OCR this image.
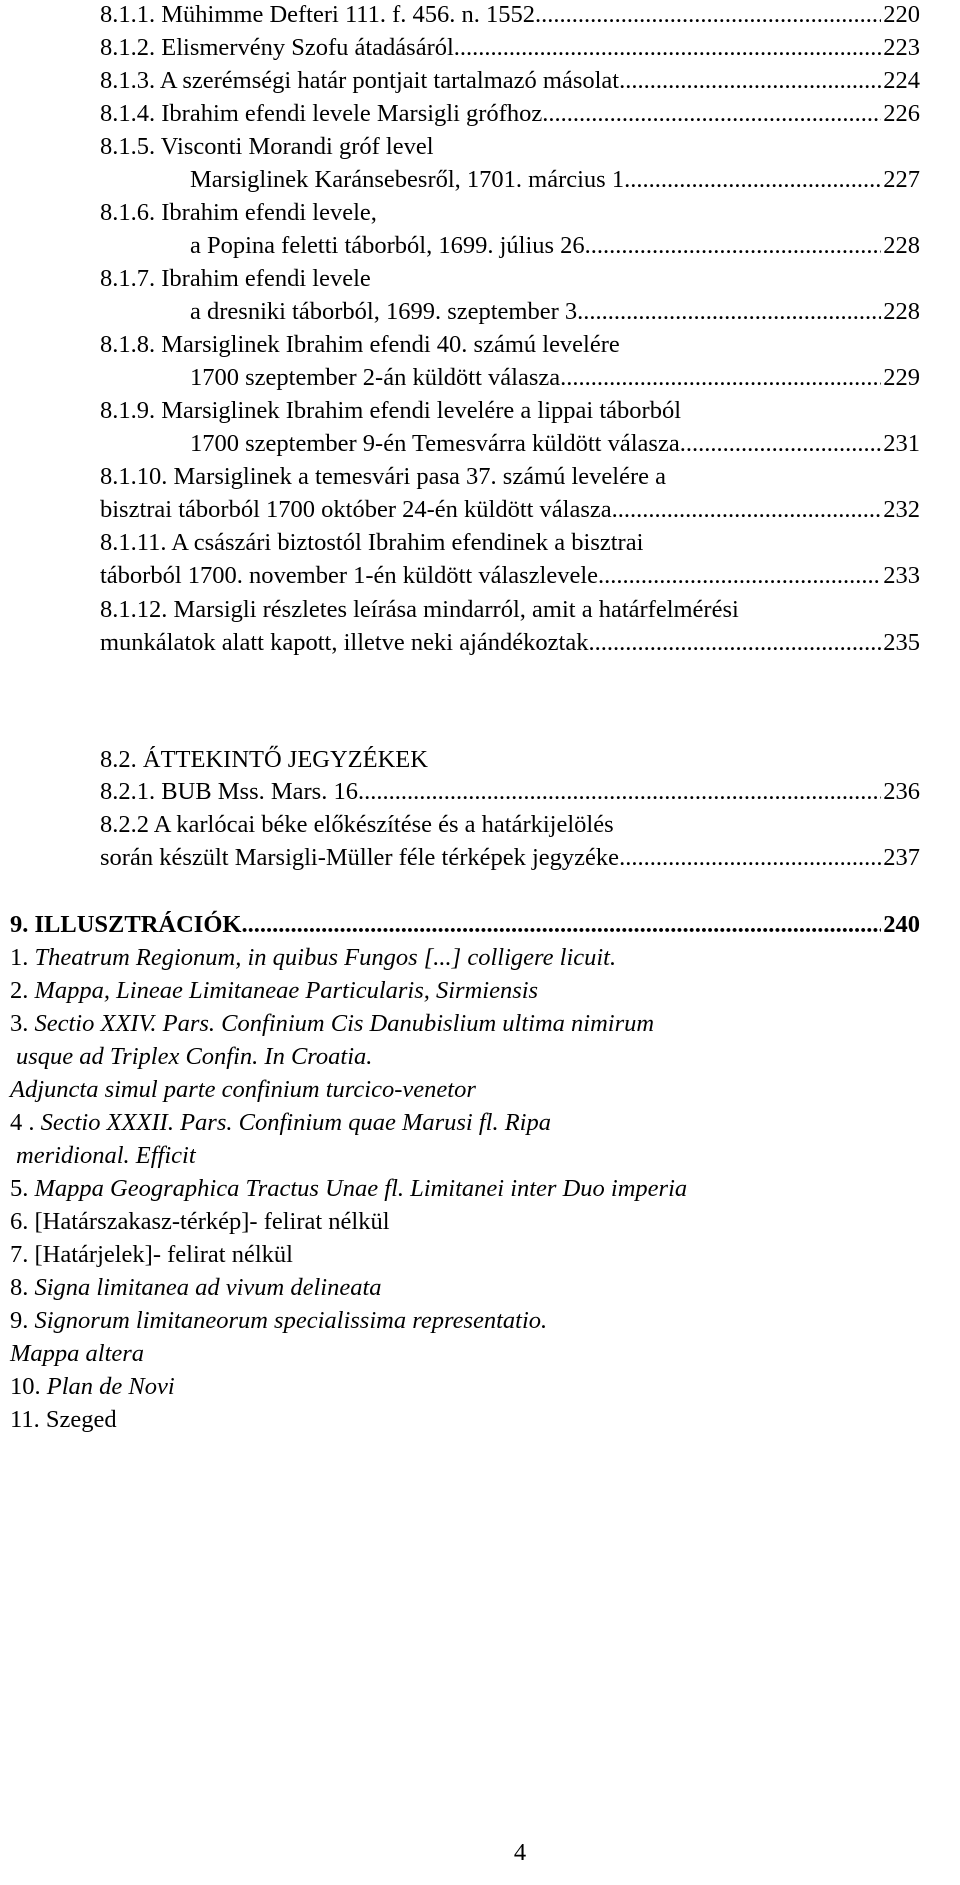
8.1.1. Mühimme Defteri 111. f. 456. n. 1552 .....	220
8.1.2. Elismervény Szofu átadásáról .....	223
8.1.3. A szerémségi határ pontjait tartalmazó másolat .....	224
8.1.4. Ibrahim efendi levele Marsigli grófhoz .....	226
8.1.5. Visconti Morandi gróf level
Marsiglinek Karánsebesről, 1701. március 1. .....	227
8.1.6. Ibrahim efendi levele,
a Popina feletti táborból, 1699. július 26. .....	228
8.1.7. Ibrahim efendi levele
a dresniki táborból, 1699. szeptember 3 .....	228
8.1.8. Marsiglinek Ibrahim efendi 40. számú levelére
1700 szeptember 2-án küldött válasza .....	229
8.1.9. Marsiglinek Ibrahim efendi levelére a lippai táborból
1700 szeptember 9-én Temesvárra küldött válasza .....	231
8.1.10. Marsiglinek a temesvári pasa 37. számú levelére a
bisztrai táborból 1700 október 24-én küldött válasza .....	232
8.1.11. A császári biztostól Ibrahim efendinek a bisztrai
táborból 1700. november 1-én küldött válaszlevele .....	233
8.1.12. Marsigli részletes leírása mindarról, amit a határfelmérési
munkálatok alatt kapott, illetve neki ajándékoztak .....	235
8.2. ÁTTEKINTŐ JEGYZÉKEK
8.2.1. BUB Mss. Mars. 16 .....	236
8.2.2 A karlócai béke előkészítése és a határkijelölés
során készült Marsigli-Müller féle térképek jegyzéke .....	237
9. ILLUSZTRÁCIÓK .....	240
1. Theatrum Regionum, in quibus Fungos [...] colligere licuit.
2. Mappa, Lineae Limitaneae Particularis, Sirmiensis
3. Sectio XXIV. Pars. Confinium Cis Danubislium ultima nimirum
usque ad Triplex Confin. In Croatia.
Adjuncta simul parte confinium turcico-venetor
4 . Sectio XXXII. Pars. Confinium quae Marusi fl. Ripa
meridional. Efficit
5. Mappa Geographica Tractus Unae fl. Limitanei inter Duo imperia
6. [Határszakasz-térkép]- felirat nélkül
7. [Határjelek]- felirat nélkül
8. Signa limitanea ad vivum delineata
9. Signorum limitaneorum specialissima representatio.
Mappa altera
10. Plan de Novi
11. Szeged
4
